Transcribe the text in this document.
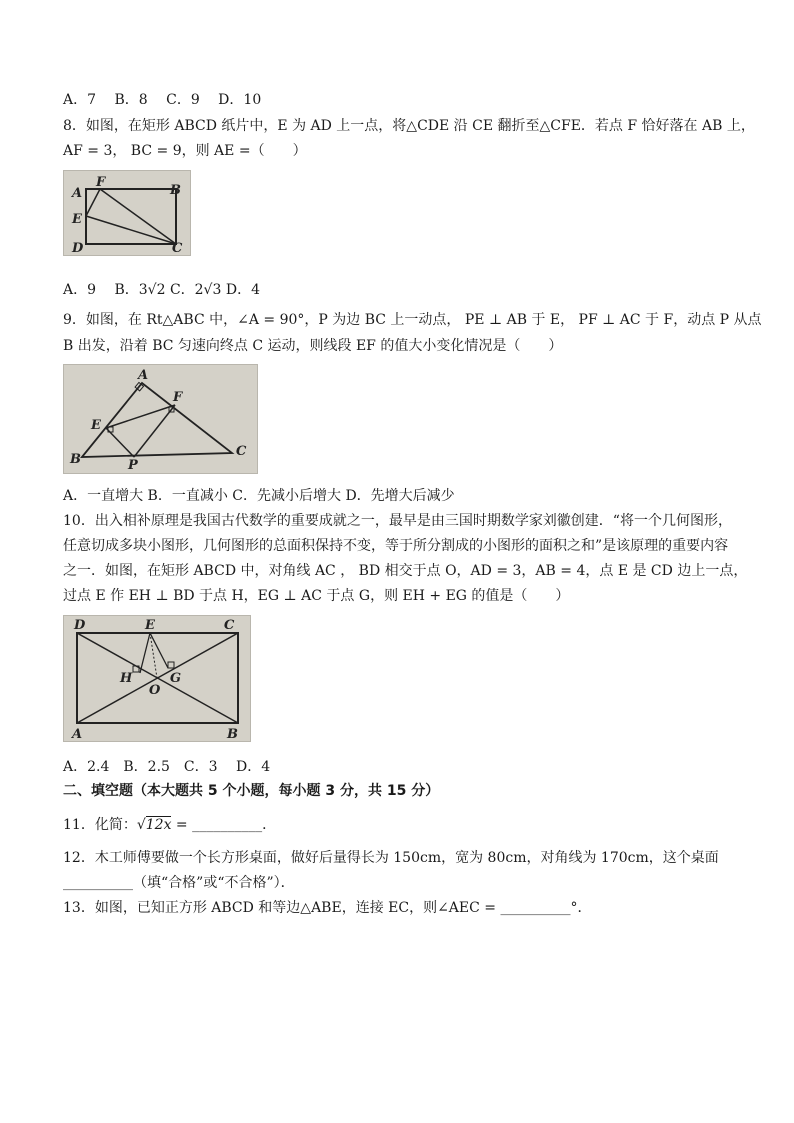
A．7　 B．8　 C．9　 D．10
8．如图，在矩形 ABCD 纸片中，E 为 AD 上一点，将△CDE 沿 CE 翻折至△CFE．若点 F 恰好落在 AB 上，
AF = 3， BC = 9，则 AE =（　　）
A
F
B
E
D	C
A．9　 B．3√2 C．2√3 D．4
9．如图，在 Rt△ABC 中，∠A = 90°，P 为边 BC 上一动点， PE ⊥ AB 于 E， PF ⊥ AC 于 F，动点 P 从点
B 出发，沿着 BC 匀速向终点 C 运动，则线段 EF 的值大小变化情况是（　　）
A
F
E
B	P
C
A．一直增大 B．一直减小 C．先减小后增大 D．先增大后减少
10．出入相补原理是我国古代数学的重要成就之一，最早是由三国时期数学家刘徽创建．“将一个几何图形，
任意切成多块小图形，几何图形的总面积保持不变，等于所分割成的小图形的面积之和”是该原理的重要内容
之一．如图，在矩形 ABCD 中，对角线 AC ， BD 相交于点 O，AD = 3，AB = 4，点 E 是 CD 边上一点，
过点 E 作 EH ⊥ BD 于点 H，EG ⊥ AC 于点 G，则 EH + EG 的值是（　　）
D	E	C
H	G
O
A	B
A．2.4　B．2.5　C．3　 D．4
二、填空题（本大题共 5 个小题，每小题 3 分，共 15 分）
11．化简：√12x = __________．
12．木工师傅要做一个长方形桌面，做好后量得长为 150cm，宽为 80cm，对角线为 170cm，这个桌面
__________（填“合格”或“不合格”）．
13．如图，已知正方形 ABCD 和等边△ABE，连接 EC，则∠AEC = __________°．
